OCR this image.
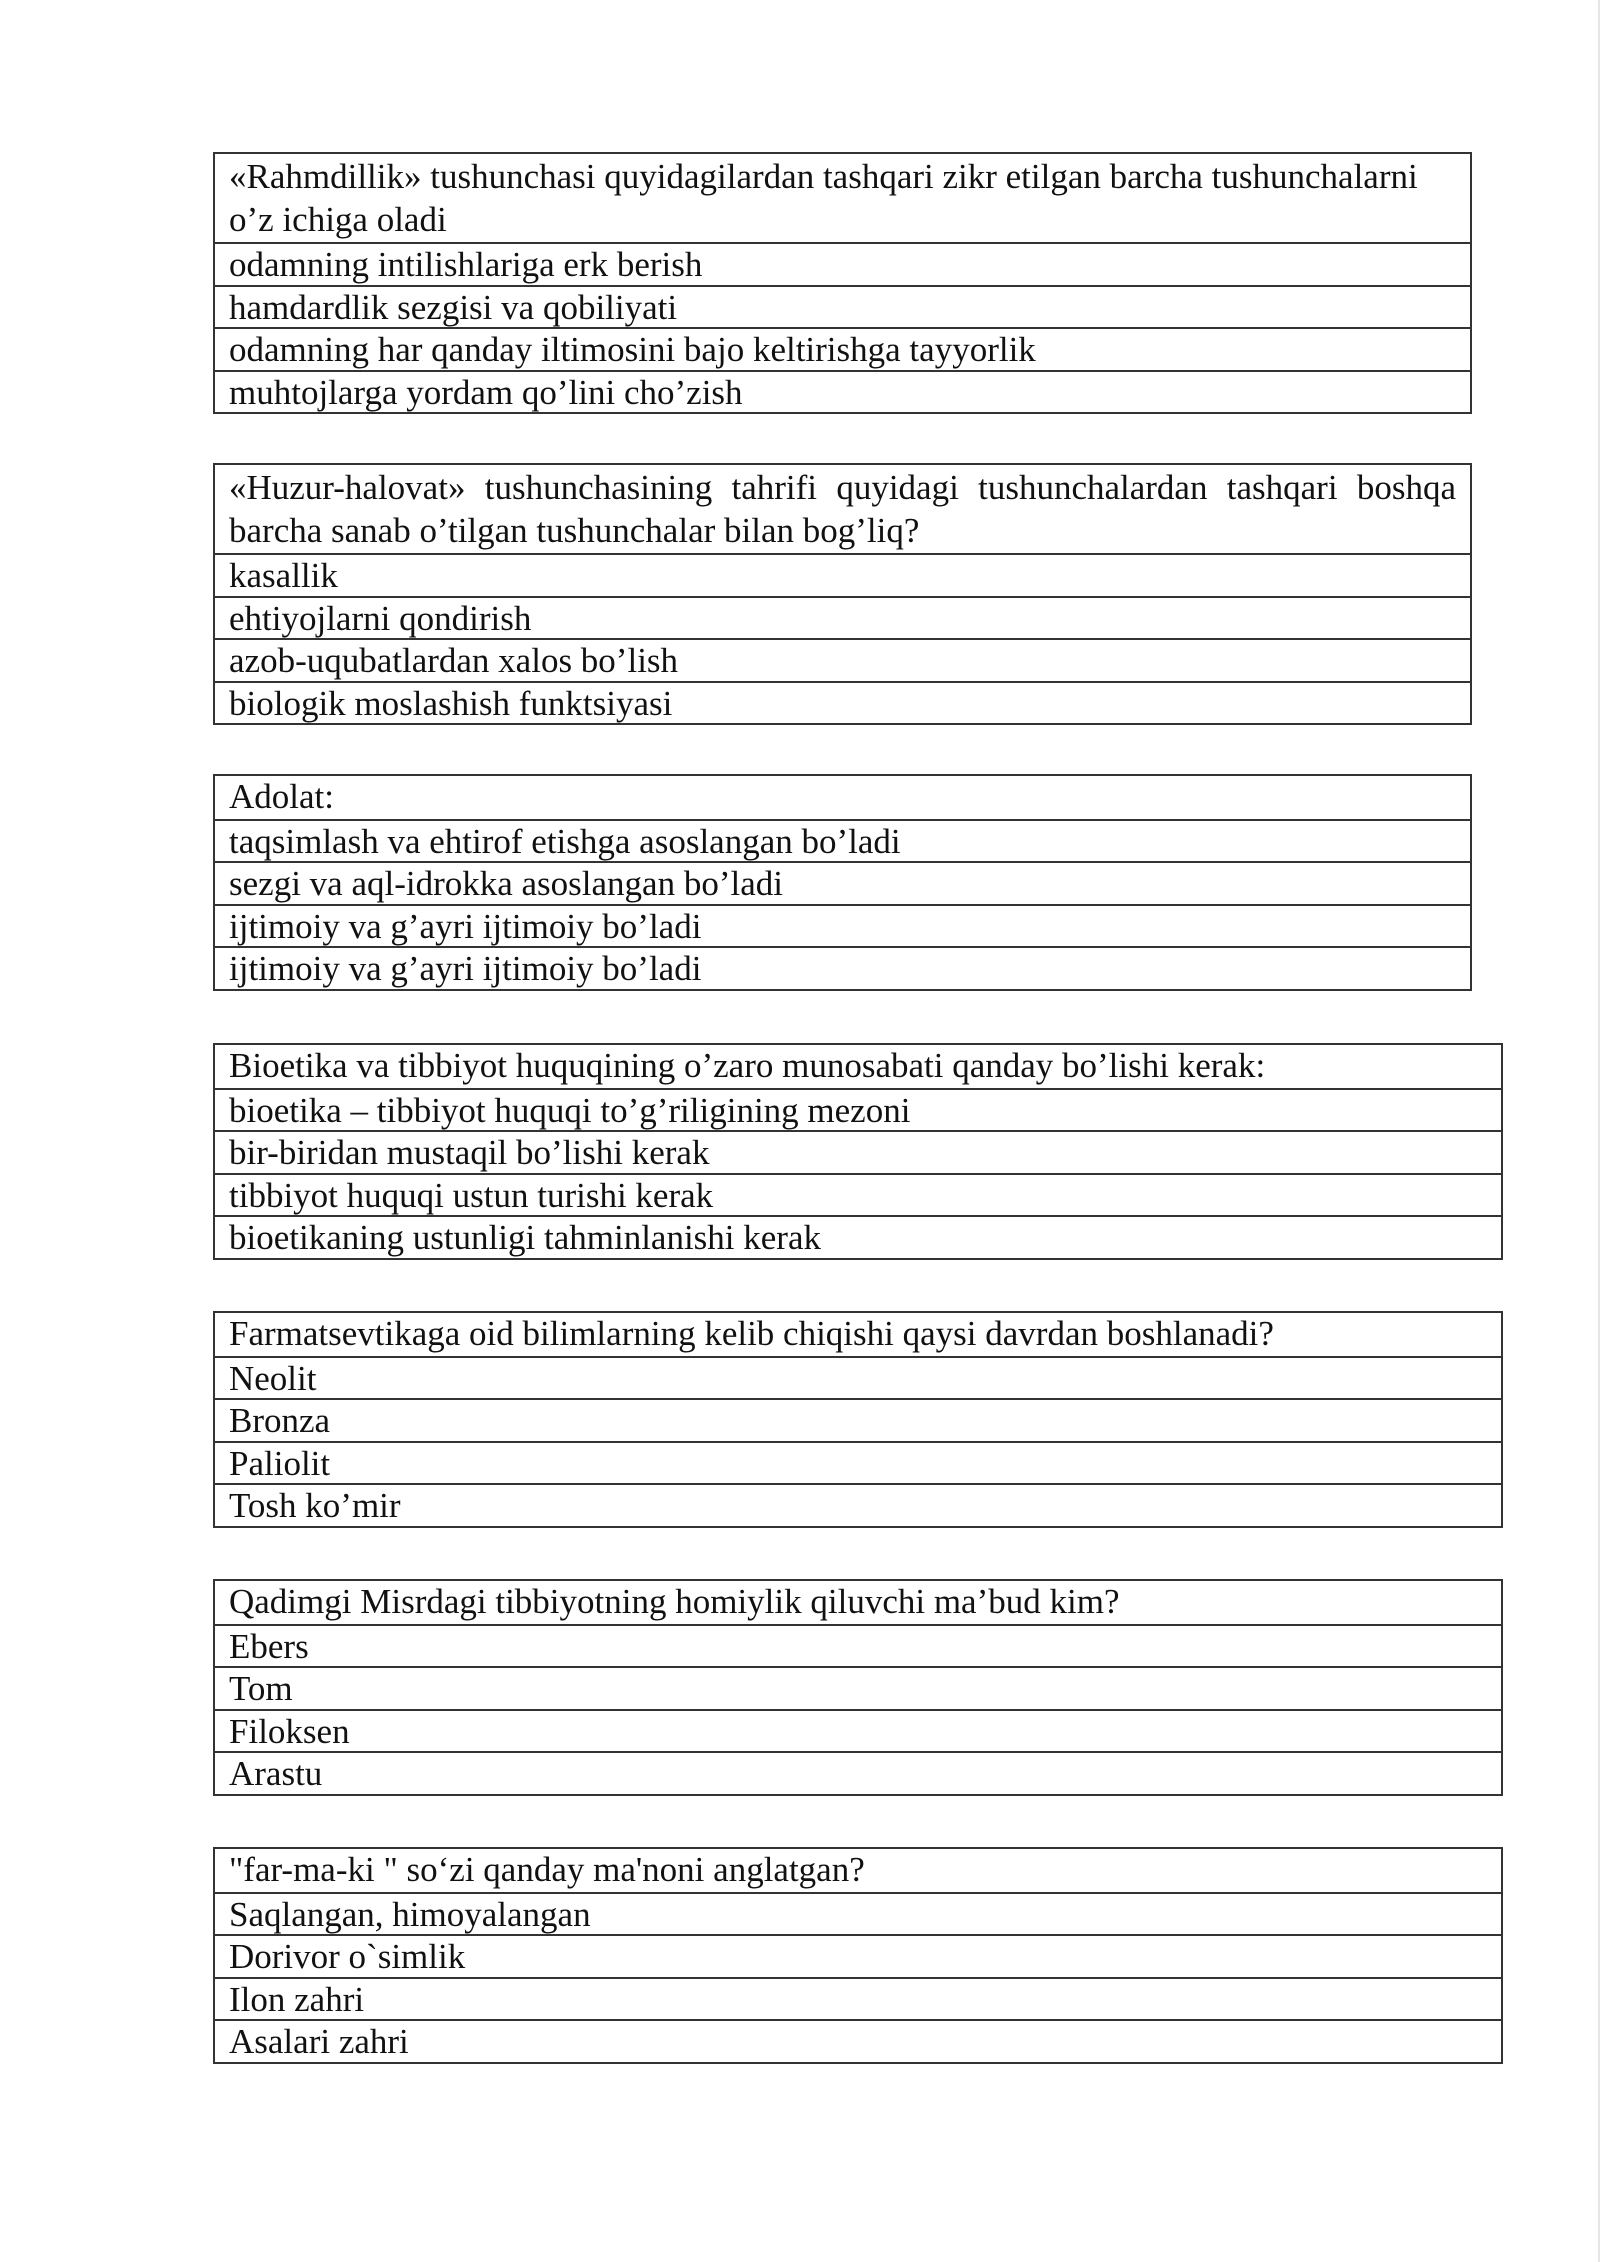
«Rahmdillik» tushunchasi quyidagilardan tashqari zikr etilgan barcha tushunchalarni o’z ichiga oladi
odamning intilishlariga erk berish
hamdardlik sezgisi va qobiliyati
odamning har qanday iltimosini bajo keltirishga tayyorlik
muhtojlarga yordam qo’lini cho’zish
«Huzur-halovat» tushunchasining tahrifi quyidagi tushunchalardan tashqari boshqa barcha sanab o’tilgan tushunchalar bilan bog’liq?
kasallik
ehtiyojlarni qondirish
azob-uqubatlardan xalos bo’lish
biologik moslashish funktsiyasi
Adolat:
taqsimlash va ehtirof etishga asoslangan bo’ladi
sezgi va aql-idrokka asoslangan bo’ladi
ijtimoiy va g’ayri ijtimoiy bo’ladi
ijtimoiy va g’ayri ijtimoiy bo’ladi
Bioetika va tibbiyot huquqining o’zaro munosabati qanday bo’lishi kerak:
bioetika – tibbiyot huquqi to’g’riligining mezoni
bir-biridan mustaqil bo’lishi kerak
tibbiyot huquqi ustun turishi kerak
bioetikaning ustunligi tahminlanishi kerak
Farmatsevtikaga oid bilimlarning kelib chiqishi qaysi davrdan boshlanadi?
Neolit
Bronza
Paliolit
Tosh ko’mir
Qadimgi Misrdagi tibbiyotning homiylik qiluvchi ma’bud kim?
Ebers
Tom
Filoksen
Arastu
"far-ma-ki " so‘zi qanday ma'noni anglatgan?
Saqlangan, himoyalangan
Dorivor o`simlik
Ilon zahri
Asalari zahri
